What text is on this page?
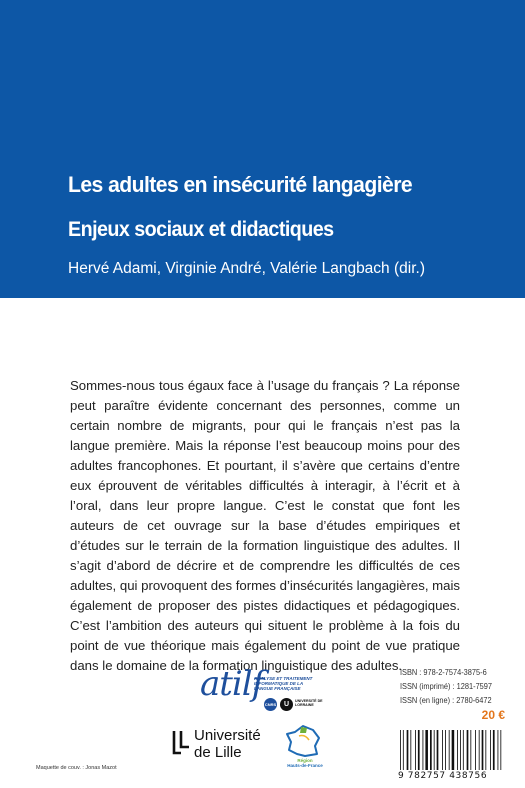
Les adultes en insécurité langagière
Enjeux sociaux et didactiques
Hervé Adami, Virginie André, Valérie Langbach (dir.)

Sommes-nous tous égaux face à l’usage du français ? La réponse peut paraître évidente concernant des personnes, comme un certain nombre de migrants, pour qui le français n’est pas la langue première. Mais la réponse l’est beaucoup moins pour des adultes francophones. Et pourtant, il s’avère que certains d’entre eux éprouvent de véritables difficultés à interagir, à l’écrit et à l’oral, dans leur propre langue. C’est le constat que font les auteurs de cet ouvrage sur la base d’études empiriques et d’études sur le terrain de la formation linguistique des adultes. Il s’agit d’abord de décrire et de comprendre les difficultés de ces adultes, qui provoquent des formes d’insécurités langagières, mais également de proposer des pistes didactiques et pédagogiques. C’est l’ambition des auteurs qui situent le problème à la fois du point de vue théorique mais également du point de vue pratique dans le domaine de la formation linguistique des adultes.

atilf
ANALYSE ET TRAITEMENT INFORMATIQUE DE LA LANGUE FRANÇAISE
CNRS	U	UNIVERSITÉ DE LORRAINE
Université
de Lille	Région
Hauts-de-France
ISBN : 978-2-7574-3875-6
ISSN (imprimé) : 1281-7597
ISSN (en ligne) : 2780-6472
20 €
9 782757 438756
Maquette de couv. : Jonas Mazot
